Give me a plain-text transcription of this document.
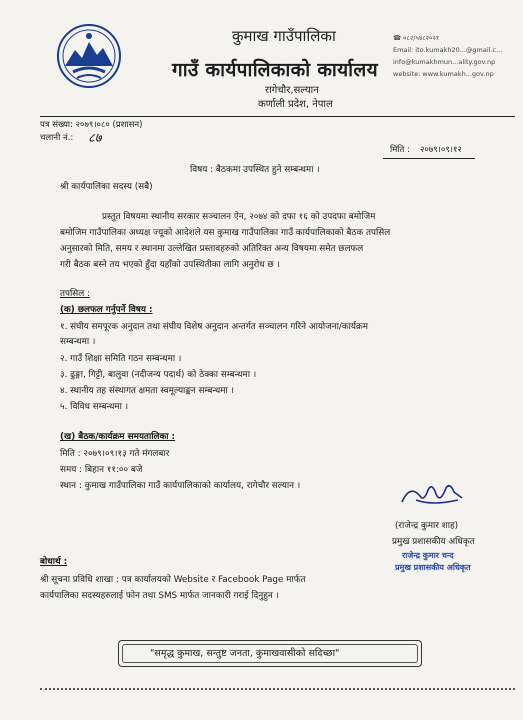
कुमाख गाउँपालिका
गाउँ कार्यपालिकाको कार्यालय
रागेचौर,सल्यान
कर्णाली प्रदेश, नेपाल
☎ ०८२/५४८२०२१
Email: ito.kumakh20...@gmail.c...
info@kumakhmun...ality.gov.np
website: www.kumakh...gov.np
पत्र संख्या: २०७९।०८० (प्रशासन)
चलानी नं.: ८७
मिति : २०७९।०९।१२
विषय : बैठकमा उपस्थित हुने सम्बन्धमा ।
श्री कार्यपालिका सदस्य (सबै)
प्रस्तुत विषयमा स्थानीय सरकार सञ्चालन ऐन, २०७४ को दफा १६ को उपदफा बमोजिम
बमोजिम गाउँपालिका अध्यक्ष ज्यूको आदेशले यस कुमाख गाउँपालिका गाउँ कार्यपालिकाको बैठक तपसिल
अनुसारको मिति, समय र स्थानमा उल्लेखित प्रस्तावहरुको अतिरिक्त अन्य विषयमा समेत छलफल
गरी बैठक बस्ने तय भएको हुँदा यहाँको उपस्थितीका लागि अनुरोध छ ।
तपसिल :
(क) छलफल गर्नुपर्ने विषय :
१. संघीय समपूरक अनुदान तथा संघीय विशेष अनुदान अन्तर्गत सञ्चालन गरिने आयोजना/कार्यक्रम
सम्बन्धमा ।
२. गाउँ शिक्षा समिति गठन सम्बन्धमा ।
३. ढुङ्गा, गिट्टी, बालुवा (नदीजन्य पदार्थ) को ठेक्का सम्बन्धमा ।
४. स्थानीय तह संस्थागत क्षमता स्वमूल्याङ्कन सम्बन्धमा ।
५. विविध सम्बन्धमा ।
(ख) बैठक/कार्यक्रम समयतालिका :
मिति : २०७९।०९।१३ गते मंगलबार
समय : बिहान ११:०० बजे
स्थान : कुमाख गाउँपालिका गाउँ कार्यपालिकाको कार्यालय, रागेचौर सल्यान ।
(राजेन्द्र कुमार शाह)
प्रमुख प्रशासकीय अधिकृत
राजेन्द्र कुमार चन्द
प्रमुख प्रशासकीय अधिकृत
बोधार्थ :
श्री सूचना प्रविधि शाखा : पत्र कार्यालयको Website र Facebook Page मार्फत
कार्यपालिका सदस्यहरुलाई फोन तथा SMS मार्फत जानकारी गराई दिनुहुन ।
"समृद्ध कुमाख, सन्तुष्ट जनता, कुमाखवासीको सदिच्छा"
